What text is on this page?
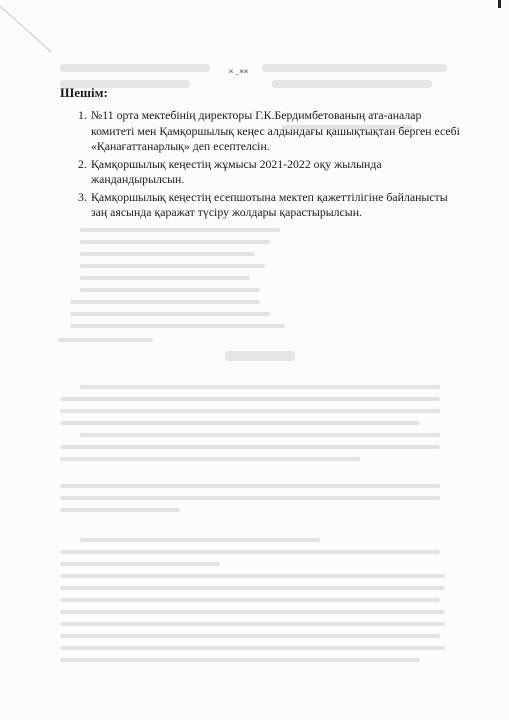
ж _жж
Шешім:
1. №11 орта мектебінің директоры Г.К.Бердимбетованың ата-аналар комитеті мен Қамқоршылық кеңес алдындағы қашықтықтан берген есебі «Қанағаттанарлық» деп есептелсін.
2. Қамқоршылық кеңестің жұмысы 2021-2022 оқу жылында жандандырылсын.
3. Қамқоршылық кеңестің есепшотына мектеп қажеттілігіне байланысты заң аясында қаражат түсіру жолдары қарастырылсын.
